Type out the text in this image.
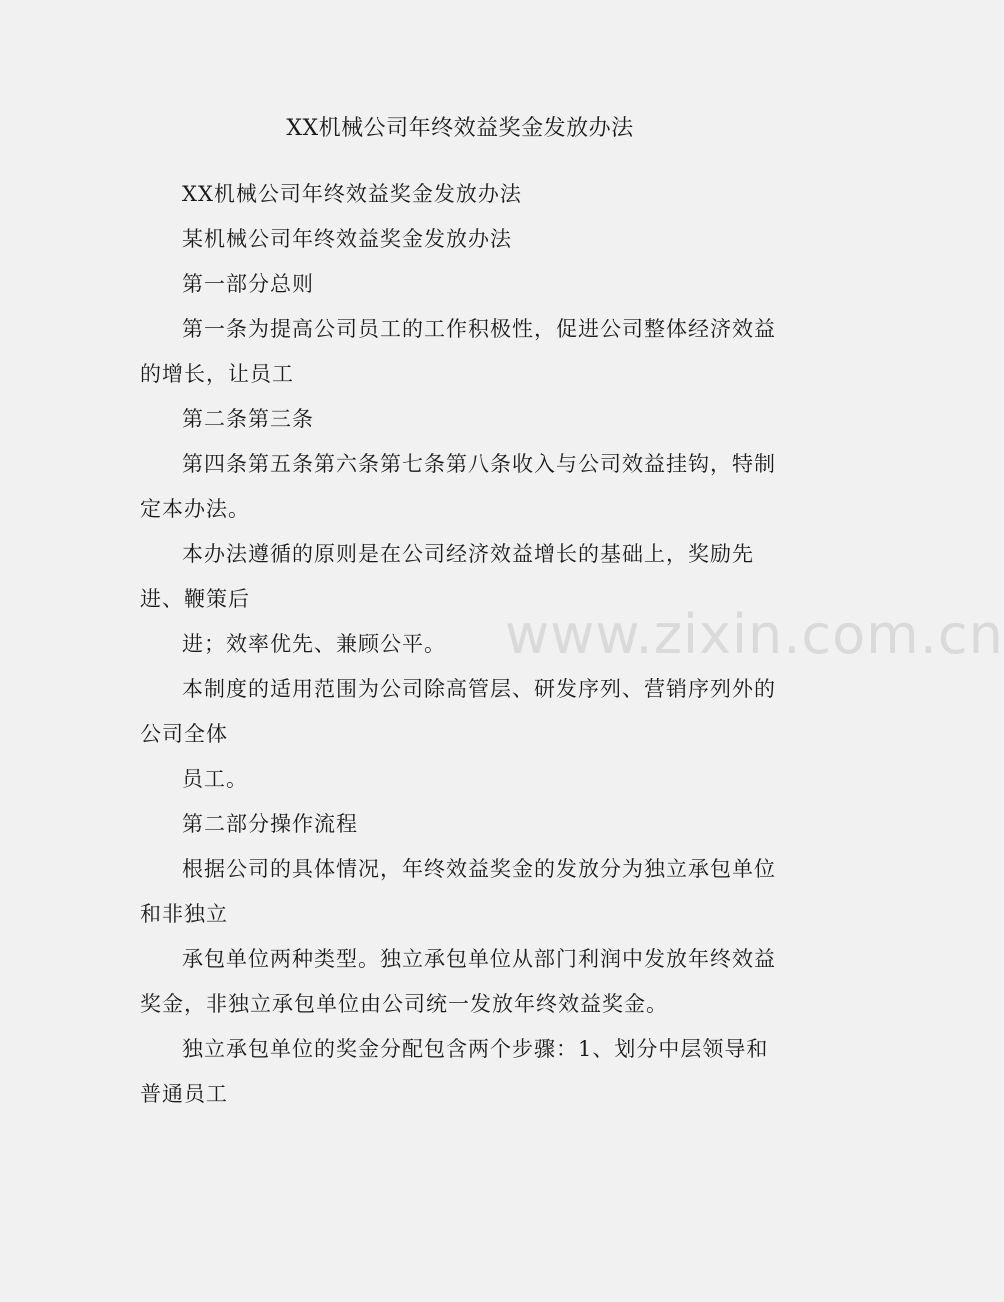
XX机械公司年终效益奖金发放办法

XX机械公司年终效益奖金发放办法

某机械公司年终效益奖金发放办法

第一部分总则

第一条为提高公司员工的工作积极性，促进公司整体经济效益的增长，让员工

第二条第三条

第四条第五条第六条第七条第八条收入与公司效益挂钩，特制定本办法。

本办法遵循的原则是在公司经济效益增长的基础上，奖励先进、鞭策后

进；效率优先、兼顾公平。

本制度的适用范围为公司除高管层、研发序列、营销序列外的公司全体

员工。

第二部分操作流程

根据公司的具体情况，年终效益奖金的发放分为独立承包单位和非独立

承包单位两种类型。独立承包单位从部门利润中发放年终效益奖金，非独立承包单位由公司统一发放年终效益奖金。

独立承包单位的奖金分配包含两个步骤：1、划分中层领导和普通员工

www.zixin.com.cn
